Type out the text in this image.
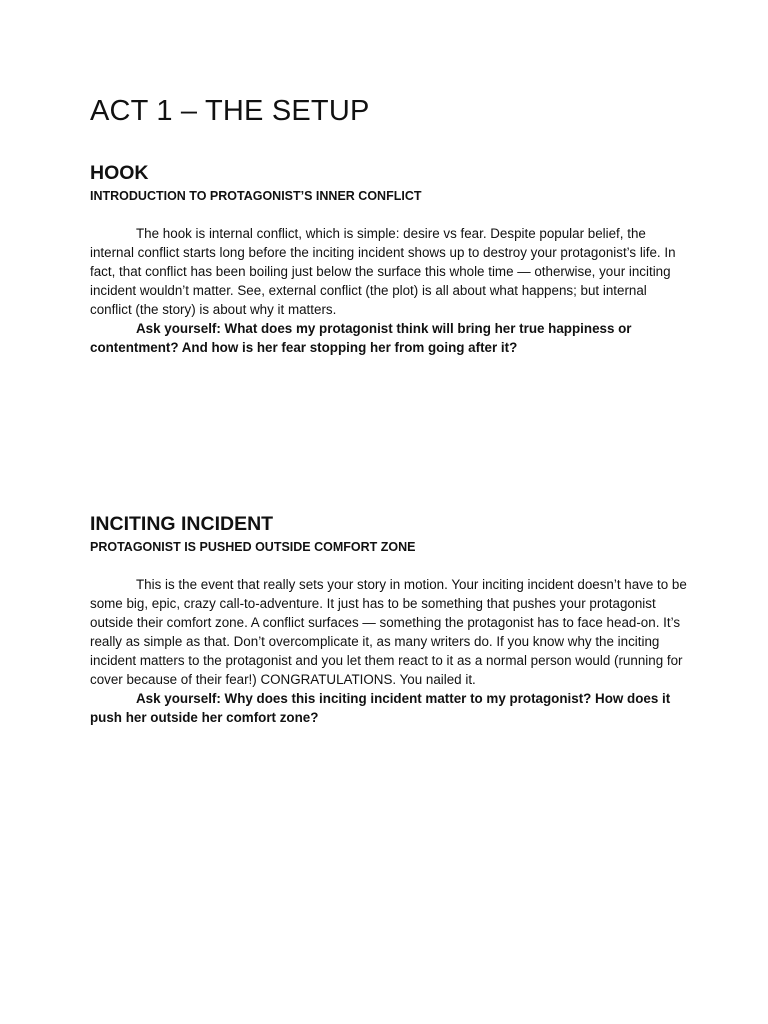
ACT 1 – THE SETUP
HOOK
INTRODUCTION TO PROTAGONIST’S INNER CONFLICT

The hook is internal conflict, which is simple: desire vs fear. Despite popular belief, the internal conflict starts long before the inciting incident shows up to destroy your protagonist’s life. In fact, that conflict has been boiling just below the surface this whole time — otherwise, your inciting incident wouldn’t matter. See, external conflict (the plot) is all about what happens; but internal conflict (the story) is about why it matters.

Ask yourself: What does my protagonist think will bring her true happiness or contentment? And how is her fear stopping her from going after it?

INCITING INCIDENT
PROTAGONIST IS PUSHED OUTSIDE COMFORT ZONE

This is the event that really sets your story in motion. Your inciting incident doesn’t have to be some big, epic, crazy call-to-adventure. It just has to be something that pushes your protagonist outside their comfort zone. A conflict surfaces — something the protagonist has to face head-on. It’s really as simple as that. Don’t overcomplicate it, as many writers do. If you know why the inciting incident matters to the protagonist and you let them react to it as a normal person would (running for cover because of their fear!) CONGRATULATIONS. You nailed it.

Ask yourself: Why does this inciting incident matter to my protagonist? How does it push her outside her comfort zone?
